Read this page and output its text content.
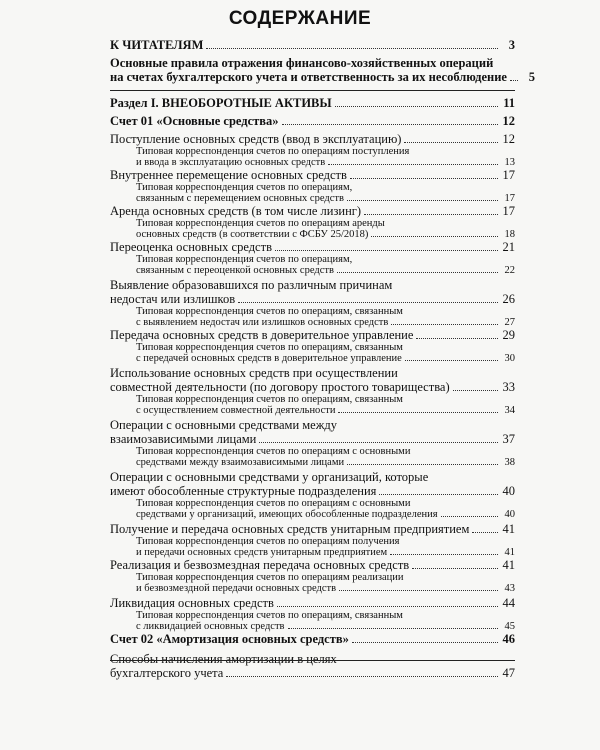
СОДЕРЖАНИЕ
К ЧИТАТЕЛЯМ	3
Основные правила отражения финансово-хозяйственных операций
на счетах бухгалтерского учета и ответственность за их несоблюдение	5
Раздел I. ВНЕОБОРОТНЫЕ АКТИВЫ	11
Счет 01 «Основные средства»	12
Поступление основных средств (ввод в эксплуатацию)	12
Типовая корреспонденция счетов по операциям поступления
и ввода в эксплуатацию основных средств	13
Внутреннее перемещение основных средств	17
Типовая корреспонденция счетов по операциям,
связанным с перемещением основных средств	17
Аренда основных средств (в том числе лизинг)	17
Типовая корреспонденция счетов по операциям аренды
основных средств (в соответствии с ФСБУ 25/2018)	18
Переоценка основных средств	21
Типовая корреспонденция счетов по операциям,
связанным с переоценкой основных средств	22
Выявление образовавшихся по различным причинам
недостач или излишков	26
Типовая корреспонденция счетов по операциям, связанным
с выявлением недостач или излишков основных средств	27
Передача основных средств в доверительное управление	29
Типовая корреспонденция счетов по операциям, связанным
с передачей основных средств в доверительное управление	30
Использование основных средств при осуществлении
совместной деятельности (по договору простого товарищества)	33
Типовая корреспонденция счетов по операциям, связанным
с осуществлением совместной деятельности	34
Операции с основными средствами между
взаимозависимыми лицами	37
Типовая корреспонденция счетов по операциям с основными
средствами между взаимозависимыми лицами	38
Операции с основными средствами у организаций, которые
имеют обособленные структурные подразделения	40
Типовая корреспонденция счетов по операциям с основными
средствами у организаций, имеющих обособленные подразделения	40
Получение и передача основных средств унитарным предприятием	41
Типовая корреспонденция счетов по операциям получения
и передачи основных средств унитарным предприятием	41
Реализация и безвозмездная передача основных средств	41
Типовая корреспонденция счетов по операциям реализации
и безвозмездной передачи основных средств	43
Ликвидация основных средств	44
Типовая корреспонденция счетов по операциям, связанным
с ликвидацией основных средств	45
Счет 02 «Амортизация основных средств»	46
Способы начисления амортизации в целях
бухгалтерского учета	47
